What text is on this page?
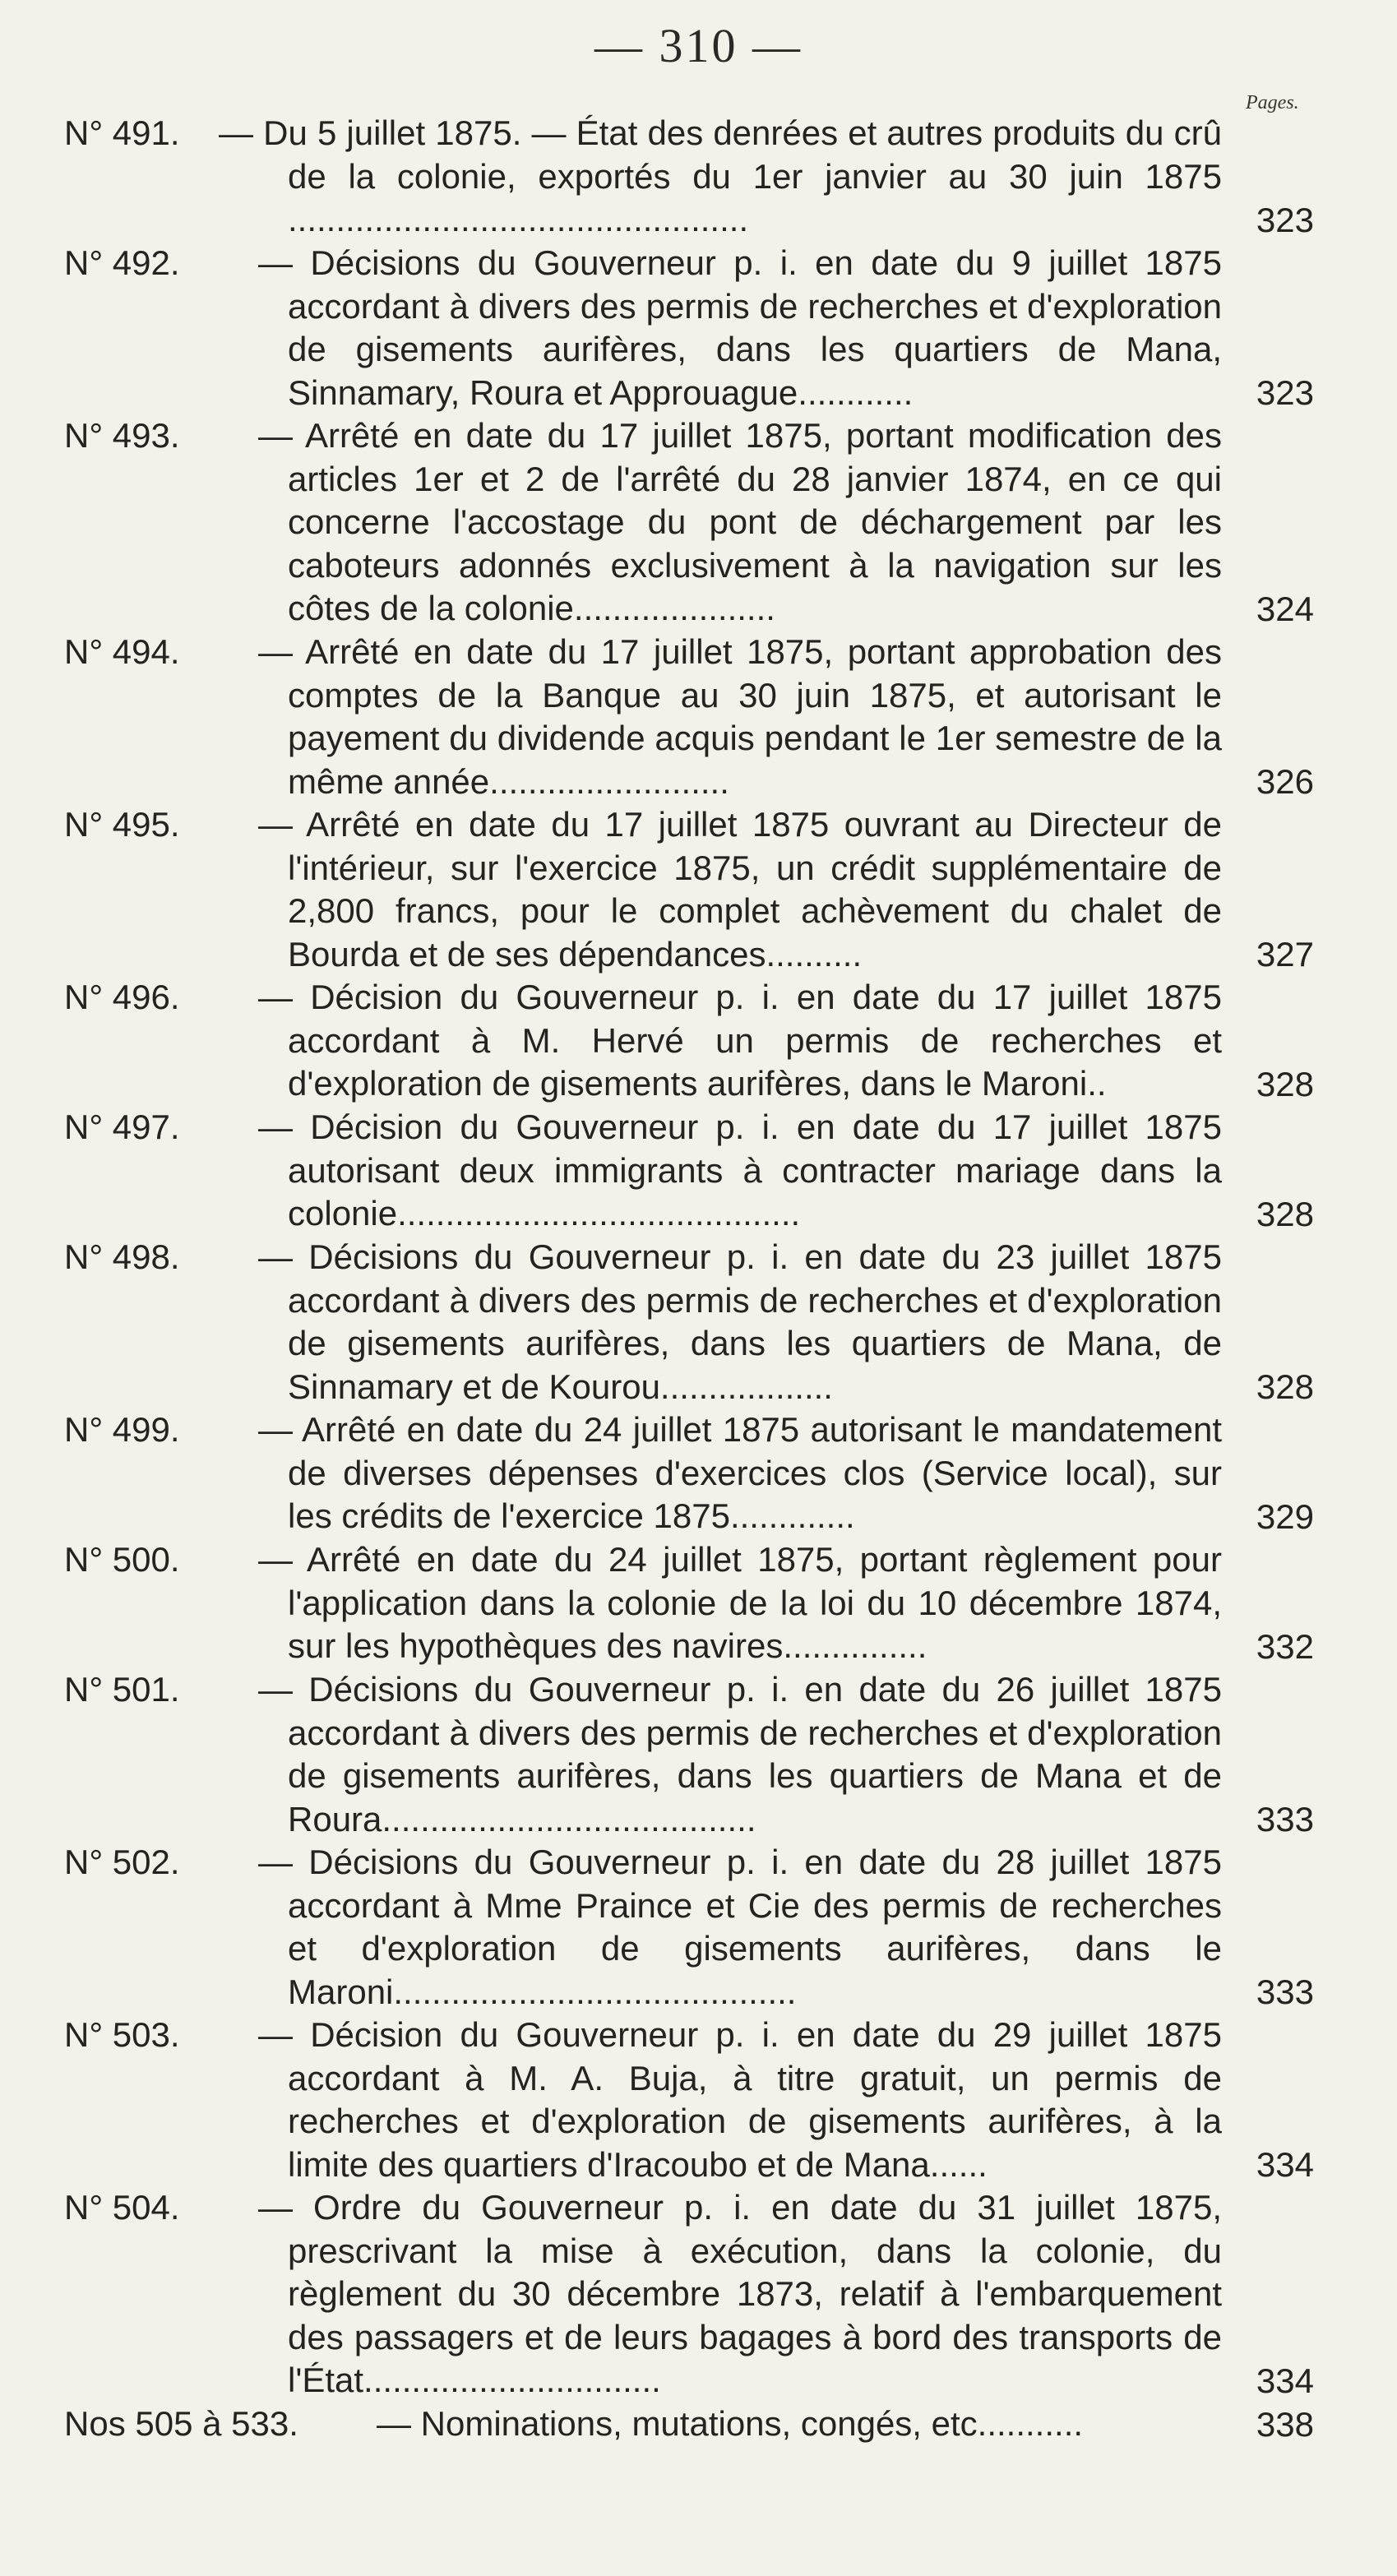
— 310 —
Pages.
N° 491. — Du 5 juillet 1875. — État des denrées et autres produits du crû de la colonie, exportés du 1er janvier au 30 juin 1875 ................................................	323
N° 492. — Décisions du Gouverneur p. i. en date du 9 juillet 1875 accordant à divers des permis de recherches et d'exploration de gisements aurifères, dans les quartiers de Mana, Sinnamary, Roura et Approuague............	323
N° 493. — Arrêté en date du 17 juillet 1875, portant modification des articles 1er et 2 de l'arrêté du 28 janvier 1874, en ce qui concerne l'accostage du pont de déchargement par les caboteurs adonnés exclusivement à la navigation sur les côtes de la colonie.....................	324
N° 494. — Arrêté en date du 17 juillet 1875, portant approbation des comptes de la Banque au 30 juin 1875, et autorisant le payement du dividende acquis pendant le 1er semestre de la même année.........................	326
N° 495. — Arrêté en date du 17 juillet 1875 ouvrant au Directeur de l'intérieur, sur l'exercice 1875, un crédit supplémentaire de 2,800 francs, pour le complet achèvement du chalet de Bourda et de ses dépendances..........	327
N° 496. — Décision du Gouverneur p. i. en date du 17 juillet 1875 accordant à M. Hervé un permis de recherches et d'exploration de gisements aurifères, dans le Maroni..	328
N° 497. — Décision du Gouverneur p. i. en date du 17 juillet 1875 autorisant deux immigrants à contracter mariage dans la colonie..........................................	328
N° 498. — Décisions du Gouverneur p. i. en date du 23 juillet 1875 accordant à divers des permis de recherches et d'exploration de gisements aurifères, dans les quartiers de Mana, de Sinnamary et de Kourou..................	328
N° 499. — Arrêté en date du 24 juillet 1875 autorisant le mandatement de diverses dépenses d'exercices clos (Service local), sur les crédits de l'exercice 1875.............	329
N° 500. — Arrêté en date du 24 juillet 1875, portant règlement pour l'application dans la colonie de la loi du 10 décembre 1874, sur les hypothèques des navires...............	332
N° 501. — Décisions du Gouverneur p. i. en date du 26 juillet 1875 accordant à divers des permis de recherches et d'exploration de gisements aurifères, dans les quartiers de Mana et de Roura.......................................	333
N° 502. — Décisions du Gouverneur p. i. en date du 28 juillet 1875 accordant à Mme Praince et Cie des permis de recherches et d'exploration de gisements aurifères, dans le Maroni..........................................	333
N° 503. — Décision du Gouverneur p. i. en date du 29 juillet 1875 accordant à M. A. Buja, à titre gratuit, un permis de recherches et d'exploration de gisements aurifères, à la limite des quartiers d'Iracoubo et de Mana......	334
N° 504. — Ordre du Gouverneur p. i. en date du 31 juillet 1875, prescrivant la mise à exécution, dans la colonie, du règlement du 30 décembre 1873, relatif à l'embarquement des passagers et de leurs bagages à bord des transports de l'État...............................	334
Nos 505 à 533. — Nominations, mutations, congés, etc...........	338
